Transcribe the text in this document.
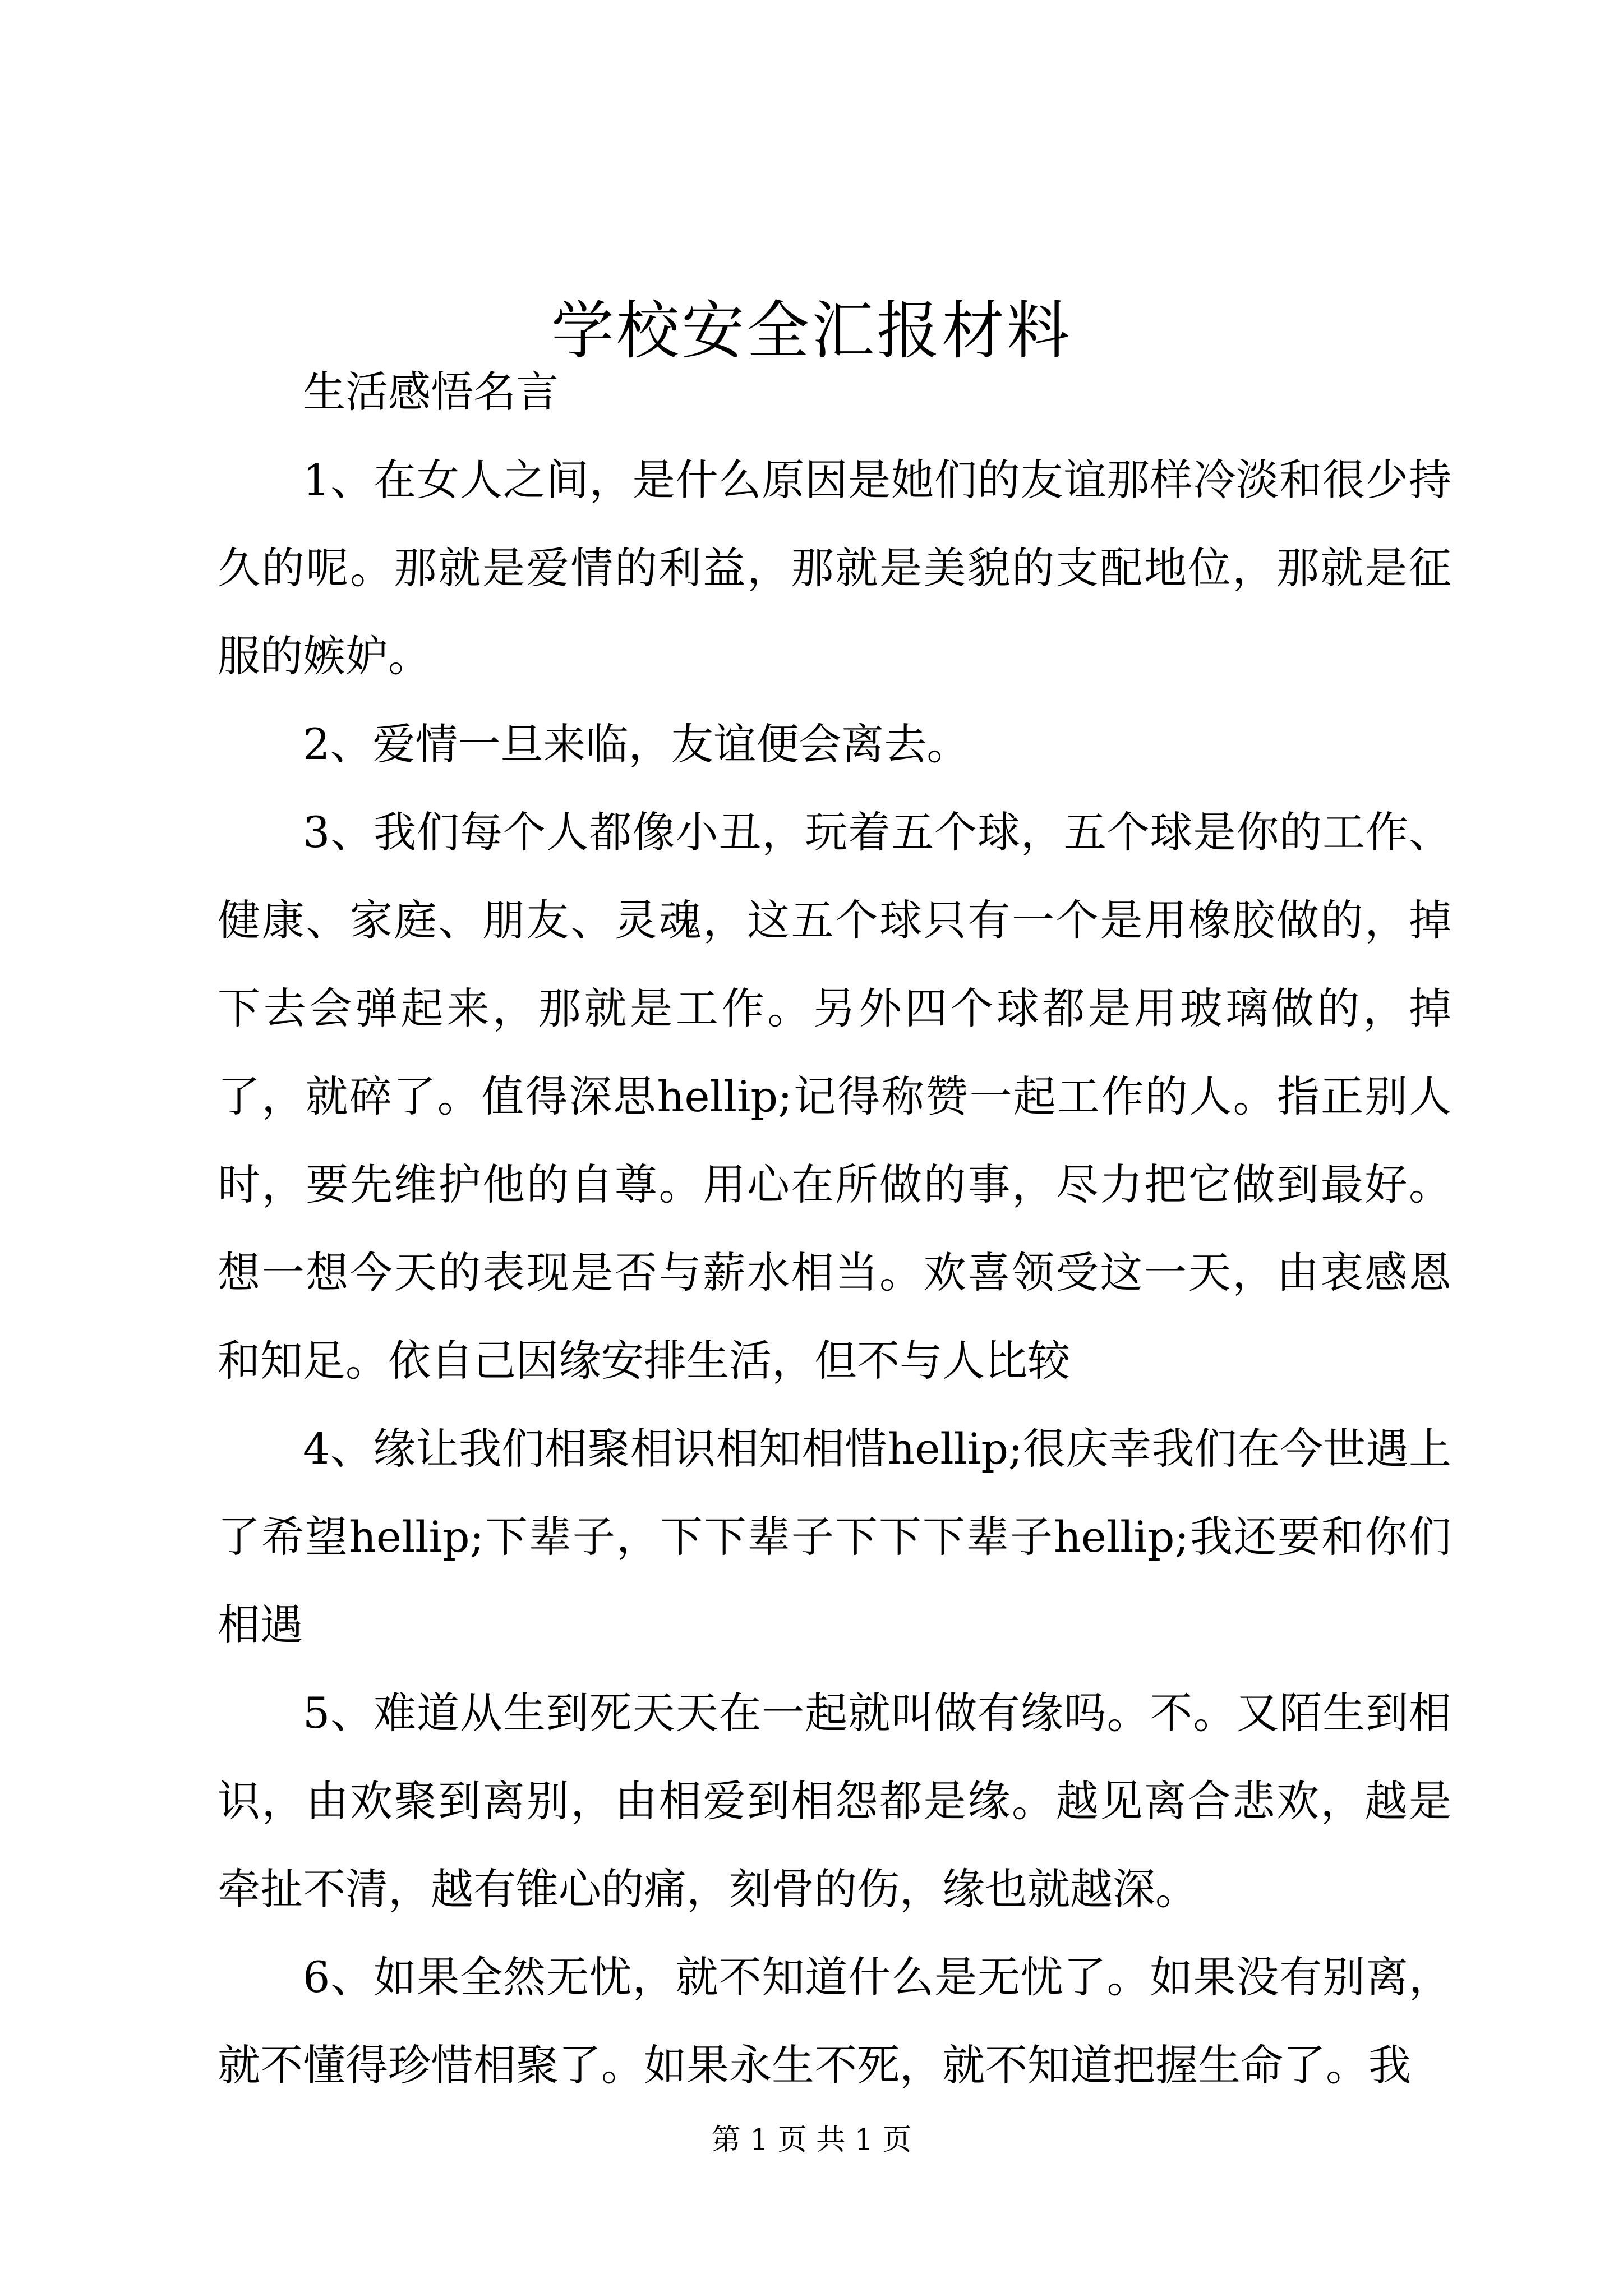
学校安全汇报材料

生活感悟名言

1、在女人之间，是什么原因是她们的友谊那样冷淡和很少持久的呢。那就是爱情的利益，那就是美貌的支配地位，那就是征服的嫉妒。

2、爱情一旦来临，友谊便会离去。

3、我们每个人都像小丑，玩着五个球，五个球是你的工作、健康、家庭、朋友、灵魂，这五个球只有一个是用橡胶做的，掉下去会弹起来，那就是工作。另外四个球都是用玻璃做的，掉了，就碎了。值得深思hellip;记得称赞一起工作的人。指正别人时，要先维护他的自尊。用心在所做的事，尽力把它做到最好。想一想今天的表现是否与薪水相当。欢喜领受这一天，由衷感恩和知足。依自己因缘安排生活，但不与人比较

4、缘让我们相聚相识相知相惜hellip;很庆幸我们在今世遇上了希望hellip;下辈子，下下辈子下下下辈子hellip;我还要和你们相遇

5、难道从生到死天天在一起就叫做有缘吗。不。又陌生到相识，由欢聚到离别，由相爱到相怨都是缘。越见离合悲欢，越是牵扯不清，越有锥心的痛，刻骨的伤，缘也就越深。

6、如果全然无忧，就不知道什么是无忧了。如果没有别离，就不懂得珍惜相聚了。如果永生不死，就不知道把握生命了。我

第 1 页 共 1 页
